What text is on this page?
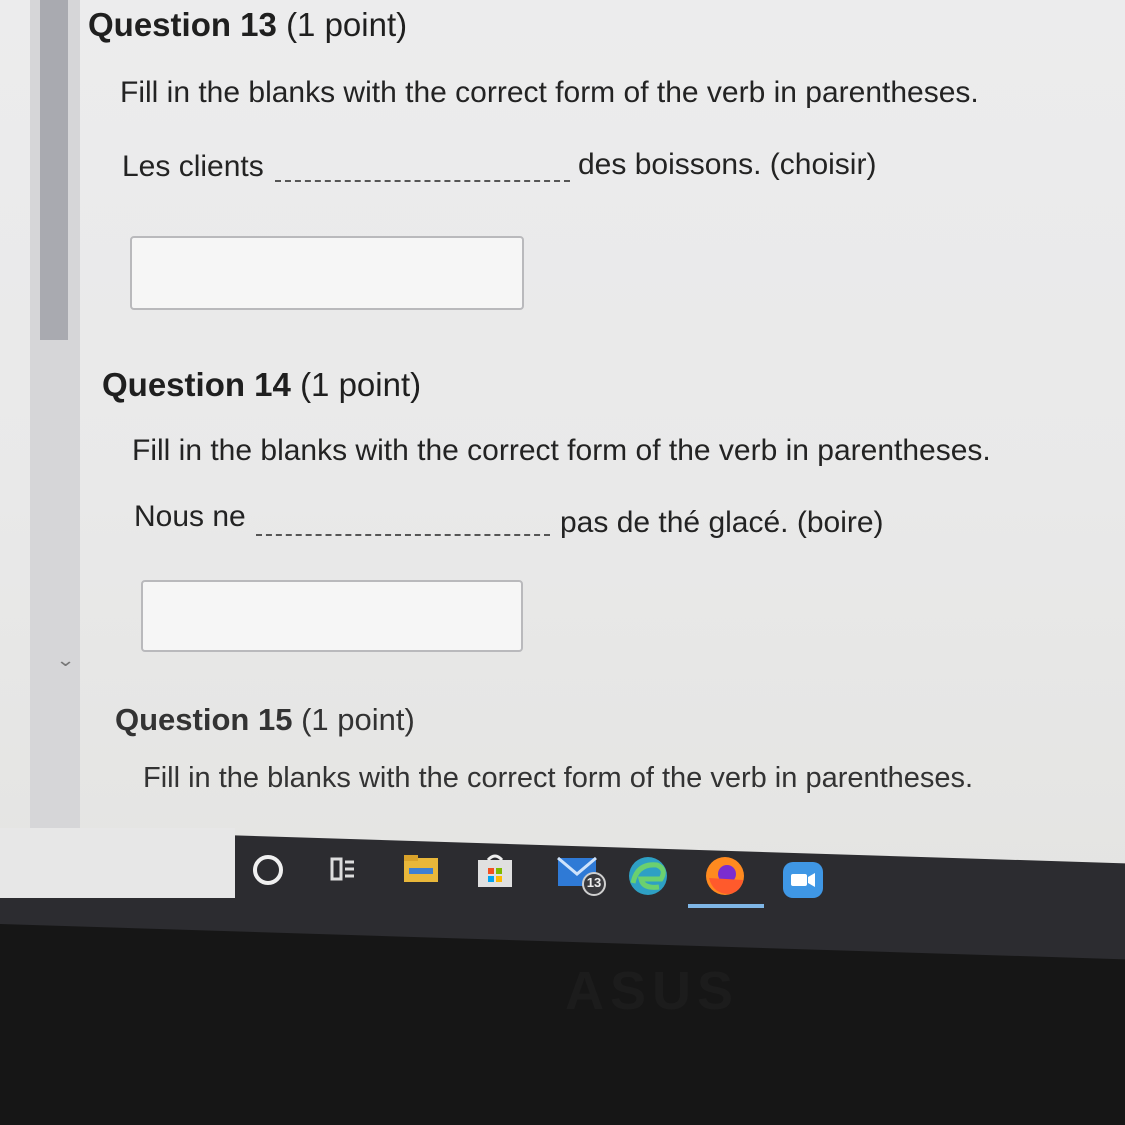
⌄
Question 13 (1 point)
Fill in the blanks with the correct form of the verb in parentheses.
Les clients	des boissons. (choisir)
Question 14 (1 point)
Fill in the blanks with the correct form of the verb in parentheses.
Nous ne	pas de thé glacé. (boire)
Question 15 (1 point)
Fill in the blanks with the correct form of the verb in parentheses.
13
ASUS
